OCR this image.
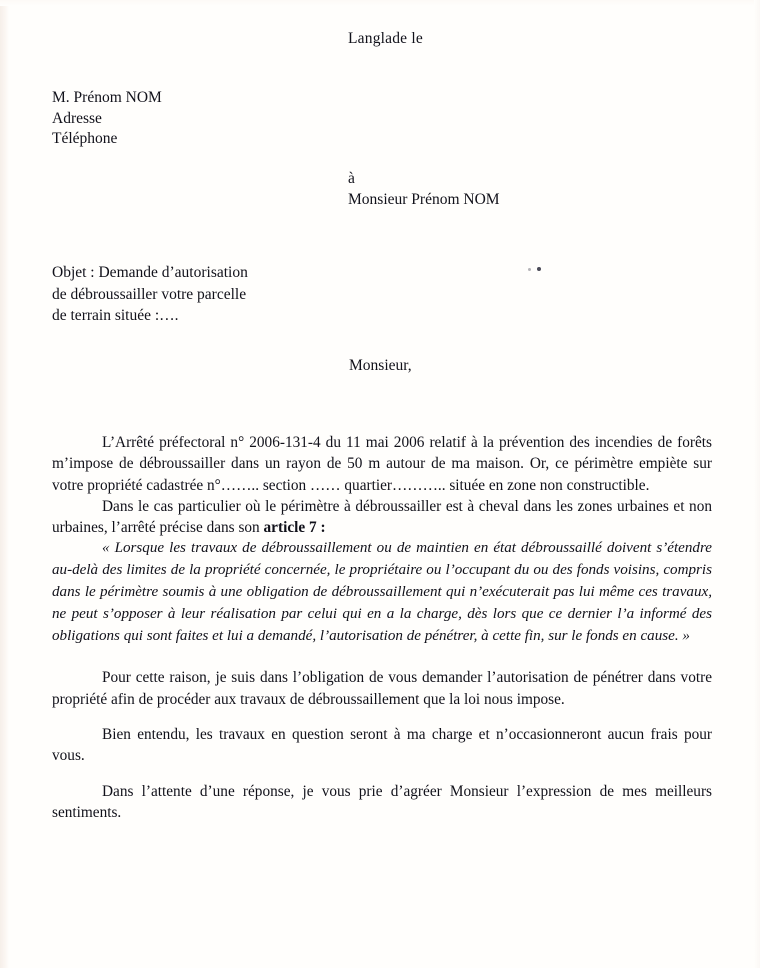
Langlade le
M. Prénom NOM
Adresse
Téléphone
à
Monsieur Prénom NOM
Objet : Demande d’autorisation
de débroussailler votre parcelle
de terrain située :….
Monsieur,

L’Arrêté préfectoral n° 2006-131-4 du 11 mai 2006 relatif à la prévention des incendies de forêts m’impose de débroussailler dans un rayon de 50 m autour de ma maison. Or, ce périmètre empiète sur votre propriété cadastrée n°…….. section …… quartier……….. située en zone non constructible.

Dans le cas particulier où le périmètre à débroussailler est à cheval dans les zones urbaines et non urbaines, l’arrêté précise dans son article 7 :

« Lorsque les travaux de débroussaillement ou de maintien en état débroussaillé doivent s’étendre au-delà des limites de la propriété concernée, le propriétaire ou l’occupant du ou des fonds voisins, compris dans le périmètre soumis à une obligation de débroussaillement qui n’exécuterait pas lui même ces travaux, ne peut s’opposer à leur réalisation par celui qui en a la charge, dès lors que ce dernier l’a informé des obligations qui sont faites et lui a demandé, l’autorisation de pénétrer, à cette fin, sur le fonds en cause. »

Pour cette raison, je suis dans l’obligation de vous demander l’autorisation de pénétrer dans votre propriété afin de procéder aux travaux de débroussaillement que la loi nous impose.

Bien entendu, les travaux en question seront à ma charge et n’occasionneront aucun frais pour vous.

Dans l’attente d’une réponse, je vous prie d’agréer Monsieur l’expression de mes meilleurs sentiments.
